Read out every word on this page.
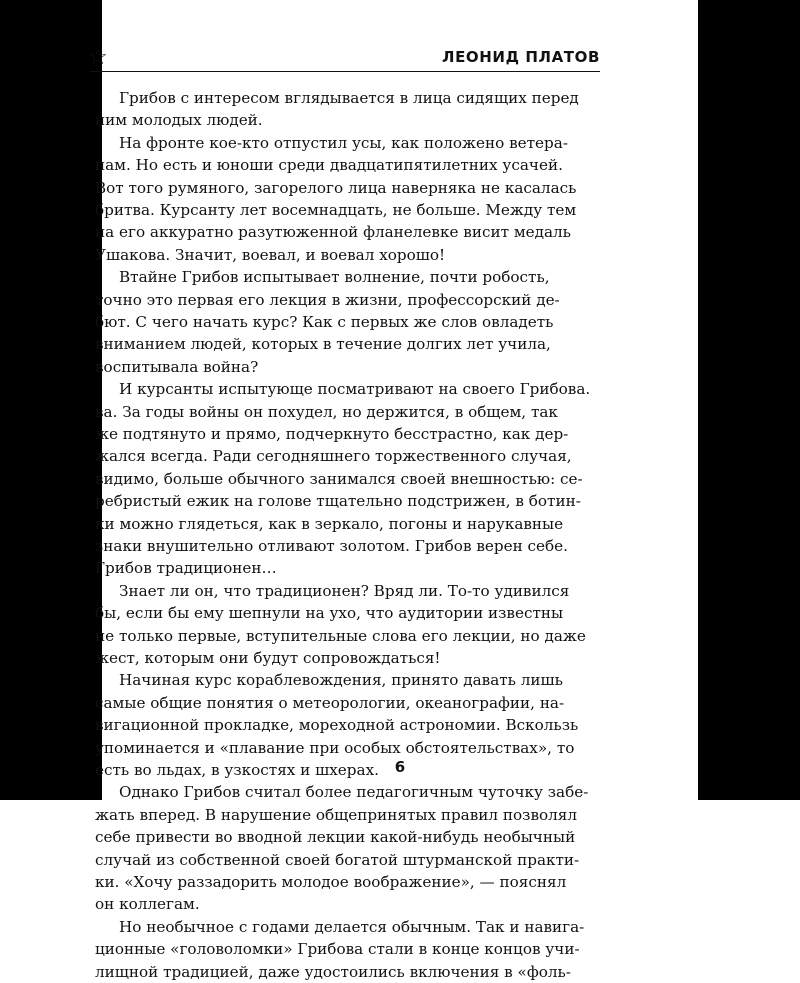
☆	ЛЕОНИД ПЛАТОВ
Грибов с интересом вглядывается в лица сидящих перед
ним молодых людей.
На фронте кое-кто отпустил усы, как положено ветера-
нам. Но есть и юноши среди двадцатипятилетних усачей.
Вот того румяного, загорелого лица наверняка не касалась
бритва. Курсанту лет восемнадцать, не больше. Между тем
на его аккуратно разутюженной фланелевке висит медаль
Ушакова. Значит, воевал, и воевал хорошо!
Втайне Грибов испытывает волнение, почти робость,
точно это первая его лекция в жизни, профессорский де-
бют. С чего начать курс? Как с первых же слов овладеть
вниманием людей, которых в течение долгих лет учила,
воспитывала война?
И курсанты испытующе посматривают на своего Грибова.
ва. За годы войны он похудел, но держится, в общем, так
же подтянуто и прямо, подчеркнуто бесстрастно, как дер-
жался всегда. Ради сегодняшнего торжественного случая,
видимо, больше обычного занимался своей внешностью: се-
ребристый ежик на голове тщательно подстрижен, в ботин-
ки можно глядеться, как в зеркало, погоны и нарукавные
знаки внушительно отливают золотом. Грибов верен себе.
Грибов традиционен…
Знает ли он, что традиционен? Вряд ли. То-то удивился
бы, если бы ему шепнули на ухо, что аудитории известны
не только первые, вступительные слова его лекции, но даже
жест, которым они будут сопровождаться!
Начиная курс кораблевождения, принято давать лишь
самые общие понятия о метеорологии, океанографии, на-
вигационной прокладке, мореходной астрономии. Вскользь
упоминается и «плавание при особых обстоятельствах», то
есть во льдах, в узкостях и шхерах.
Однако Грибов считал более педагогичным чуточку забе-
жать вперед. В нарушение общепринятых правил позволял
себе привести во вводной лекции какой-нибудь необычный
случай из собственной своей богатой штурманской практи-
ки. «Хочу раззадорить молодое воображение», — пояснял
он коллегам.
Но необычное с годами делается обычным. Так и навига-
ционные «головоломки» Грибова стали в конце концов учи-
лищной традицией, даже удостоились включения в «фоль-
6
